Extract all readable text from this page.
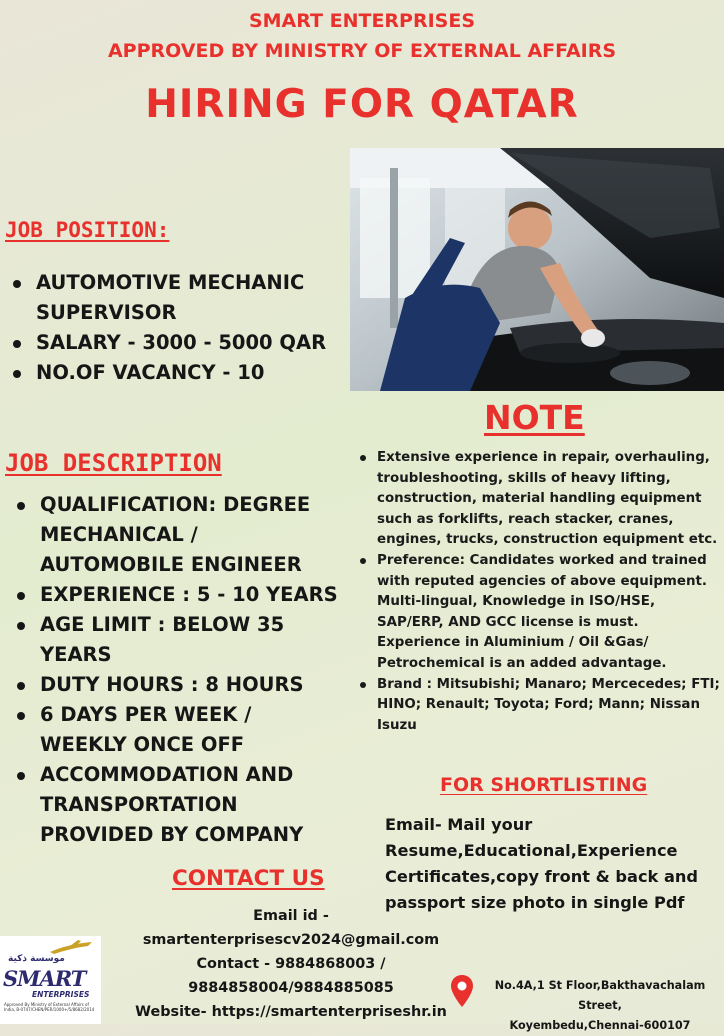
SMART ENTERPRISES
APPROVED BY MINISTRY OF EXTERNAL AFFAIRS
HIRING FOR QATAR
JOB POSITION:
AUTOMOTIVE MECHANIC SUPERVISOR
SALARY - 3000 - 5000 QAR
NO.OF VACANCY - 10
JOB DESCRIPTION
QUALIFICATION: DEGREE MECHANICAL / AUTOMOBILE ENGINEER
EXPERIENCE : 5 - 10 YEARS
AGE LIMIT : BELOW 35 YEARS
DUTY HOURS : 8 HOURS
6 DAYS PER WEEK / WEEKLY ONCE OFF
ACCOMMODATION AND TRANSPORTATION PROVIDED BY COMPANY
NOTE
Extensive experience in repair, overhauling, troubleshooting, skills of heavy lifting, construction, material handling equipment such as forklifts, reach stacker, cranes, engines, trucks, construction equipment etc.
Preference: Candidates worked and trained with reputed agencies of above equipment. Multi-lingual, Knowledge in ISO/HSE, SAP/ERP, AND GCC license is must. Experience in Aluminium / Oil &Gas/ Petrochemical is an added advantage.
Brand : Mitsubishi; Manaro; Mercecedes; FTI; HINO; Renault; Toyota; Ford; Mann; Nissan Isuzu
FOR SHORTLISTING
Email- Mail your Resume,Educational,Experience Certificates,copy front & back and passport size photo in single Pdf
CONTACT US
Email id -
smartenterprisescv2024@gmail.com
Contact - 9884868003 /
9884858004/9884885085
Website- https://smartenterpriseshr.in
موسسة ذكية
SMART
ENTERPRISES
Approved By Ministry of External Affairs of India, B-0747/CHEN/PER/1000+/5/8682/2014
No.4A,1 St Floor,Bakthavachalam Street,
Koyembedu,Chennai-600107
